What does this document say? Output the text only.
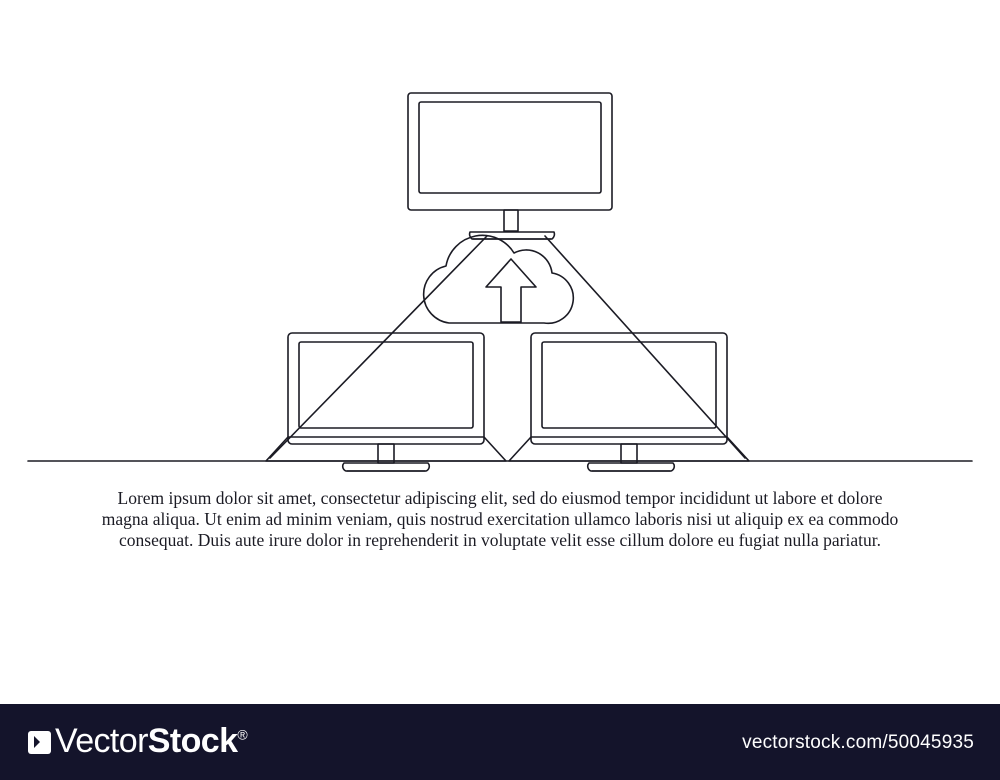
Lorem ipsum dolor sit amet, consectetur adipiscing elit, sed do eiusmod tempor incididunt ut labore et dolore magna aliqua. Ut enim ad minim veniam, quis nostrud exercitation ullamco laboris nisi ut aliquip ex ea commodo consequat. Duis aute irure dolor in reprehenderit in voluptate velit esse cillum dolore eu fugiat nulla pariatur.
VectorStock®	vectorstock.com/50045935
